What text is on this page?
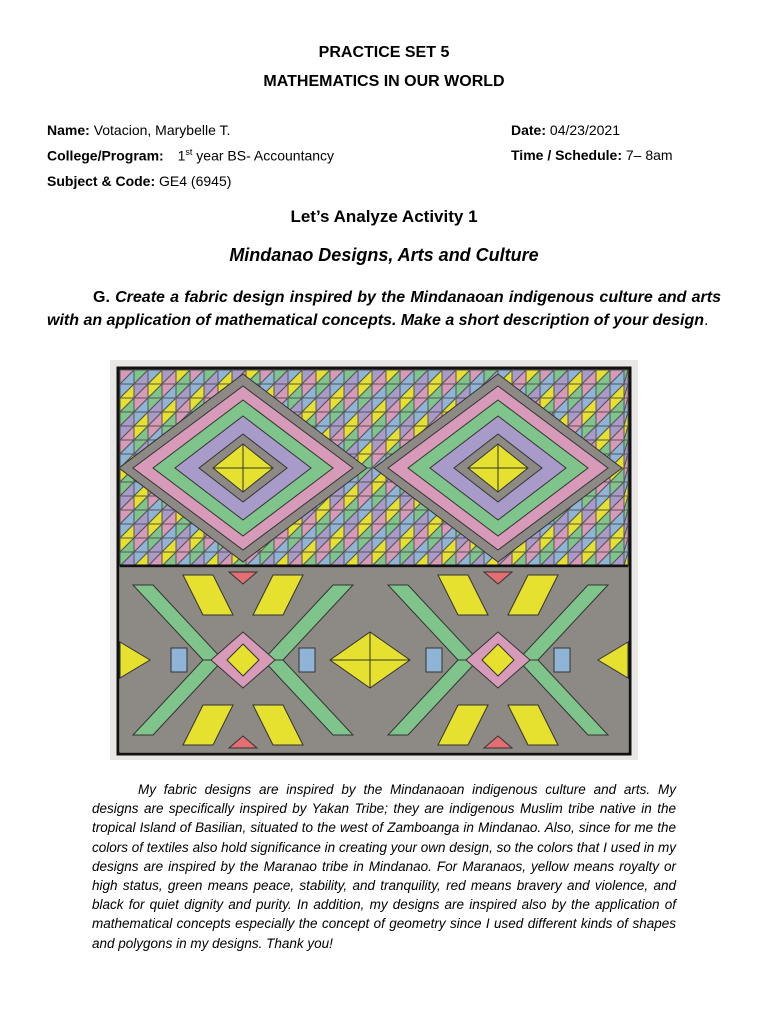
PRACTICE SET 5
MATHEMATICS IN OUR WORLD
Name: Votacion, Marybelle T.
College/Program: 1st year BS- Accountancy
Subject & Code: GE4 (6945)
Date: 04/23/2021
Time / Schedule: 7– 8am
Let’s Analyze Activity 1
Mindanao Designs, Arts and Culture
G. Create a fabric design inspired by the Mindanaoan indigenous culture and arts with an application of mathematical concepts. Make a short description of your design.
My fabric designs are inspired by the Mindanaoan indigenous culture and arts. My designs are specifically inspired by Yakan Tribe; they are indigenous Muslim tribe native in the tropical Island of Basilian, situated to the west of Zamboanga in Mindanao. Also, since for me the colors of textiles also hold significance in creating your own design, so the colors that I used in my designs are inspired by the Maranao tribe in Mindanao. For Maranaos, yellow means royalty or high status, green means peace, stability, and tranquility, red means bravery and violence, and black for quiet dignity and purity. In addition, my designs are inspired also by the application of mathematical concepts especially the concept of geometry since I used different kinds of shapes and polygons in my designs. Thank you!
